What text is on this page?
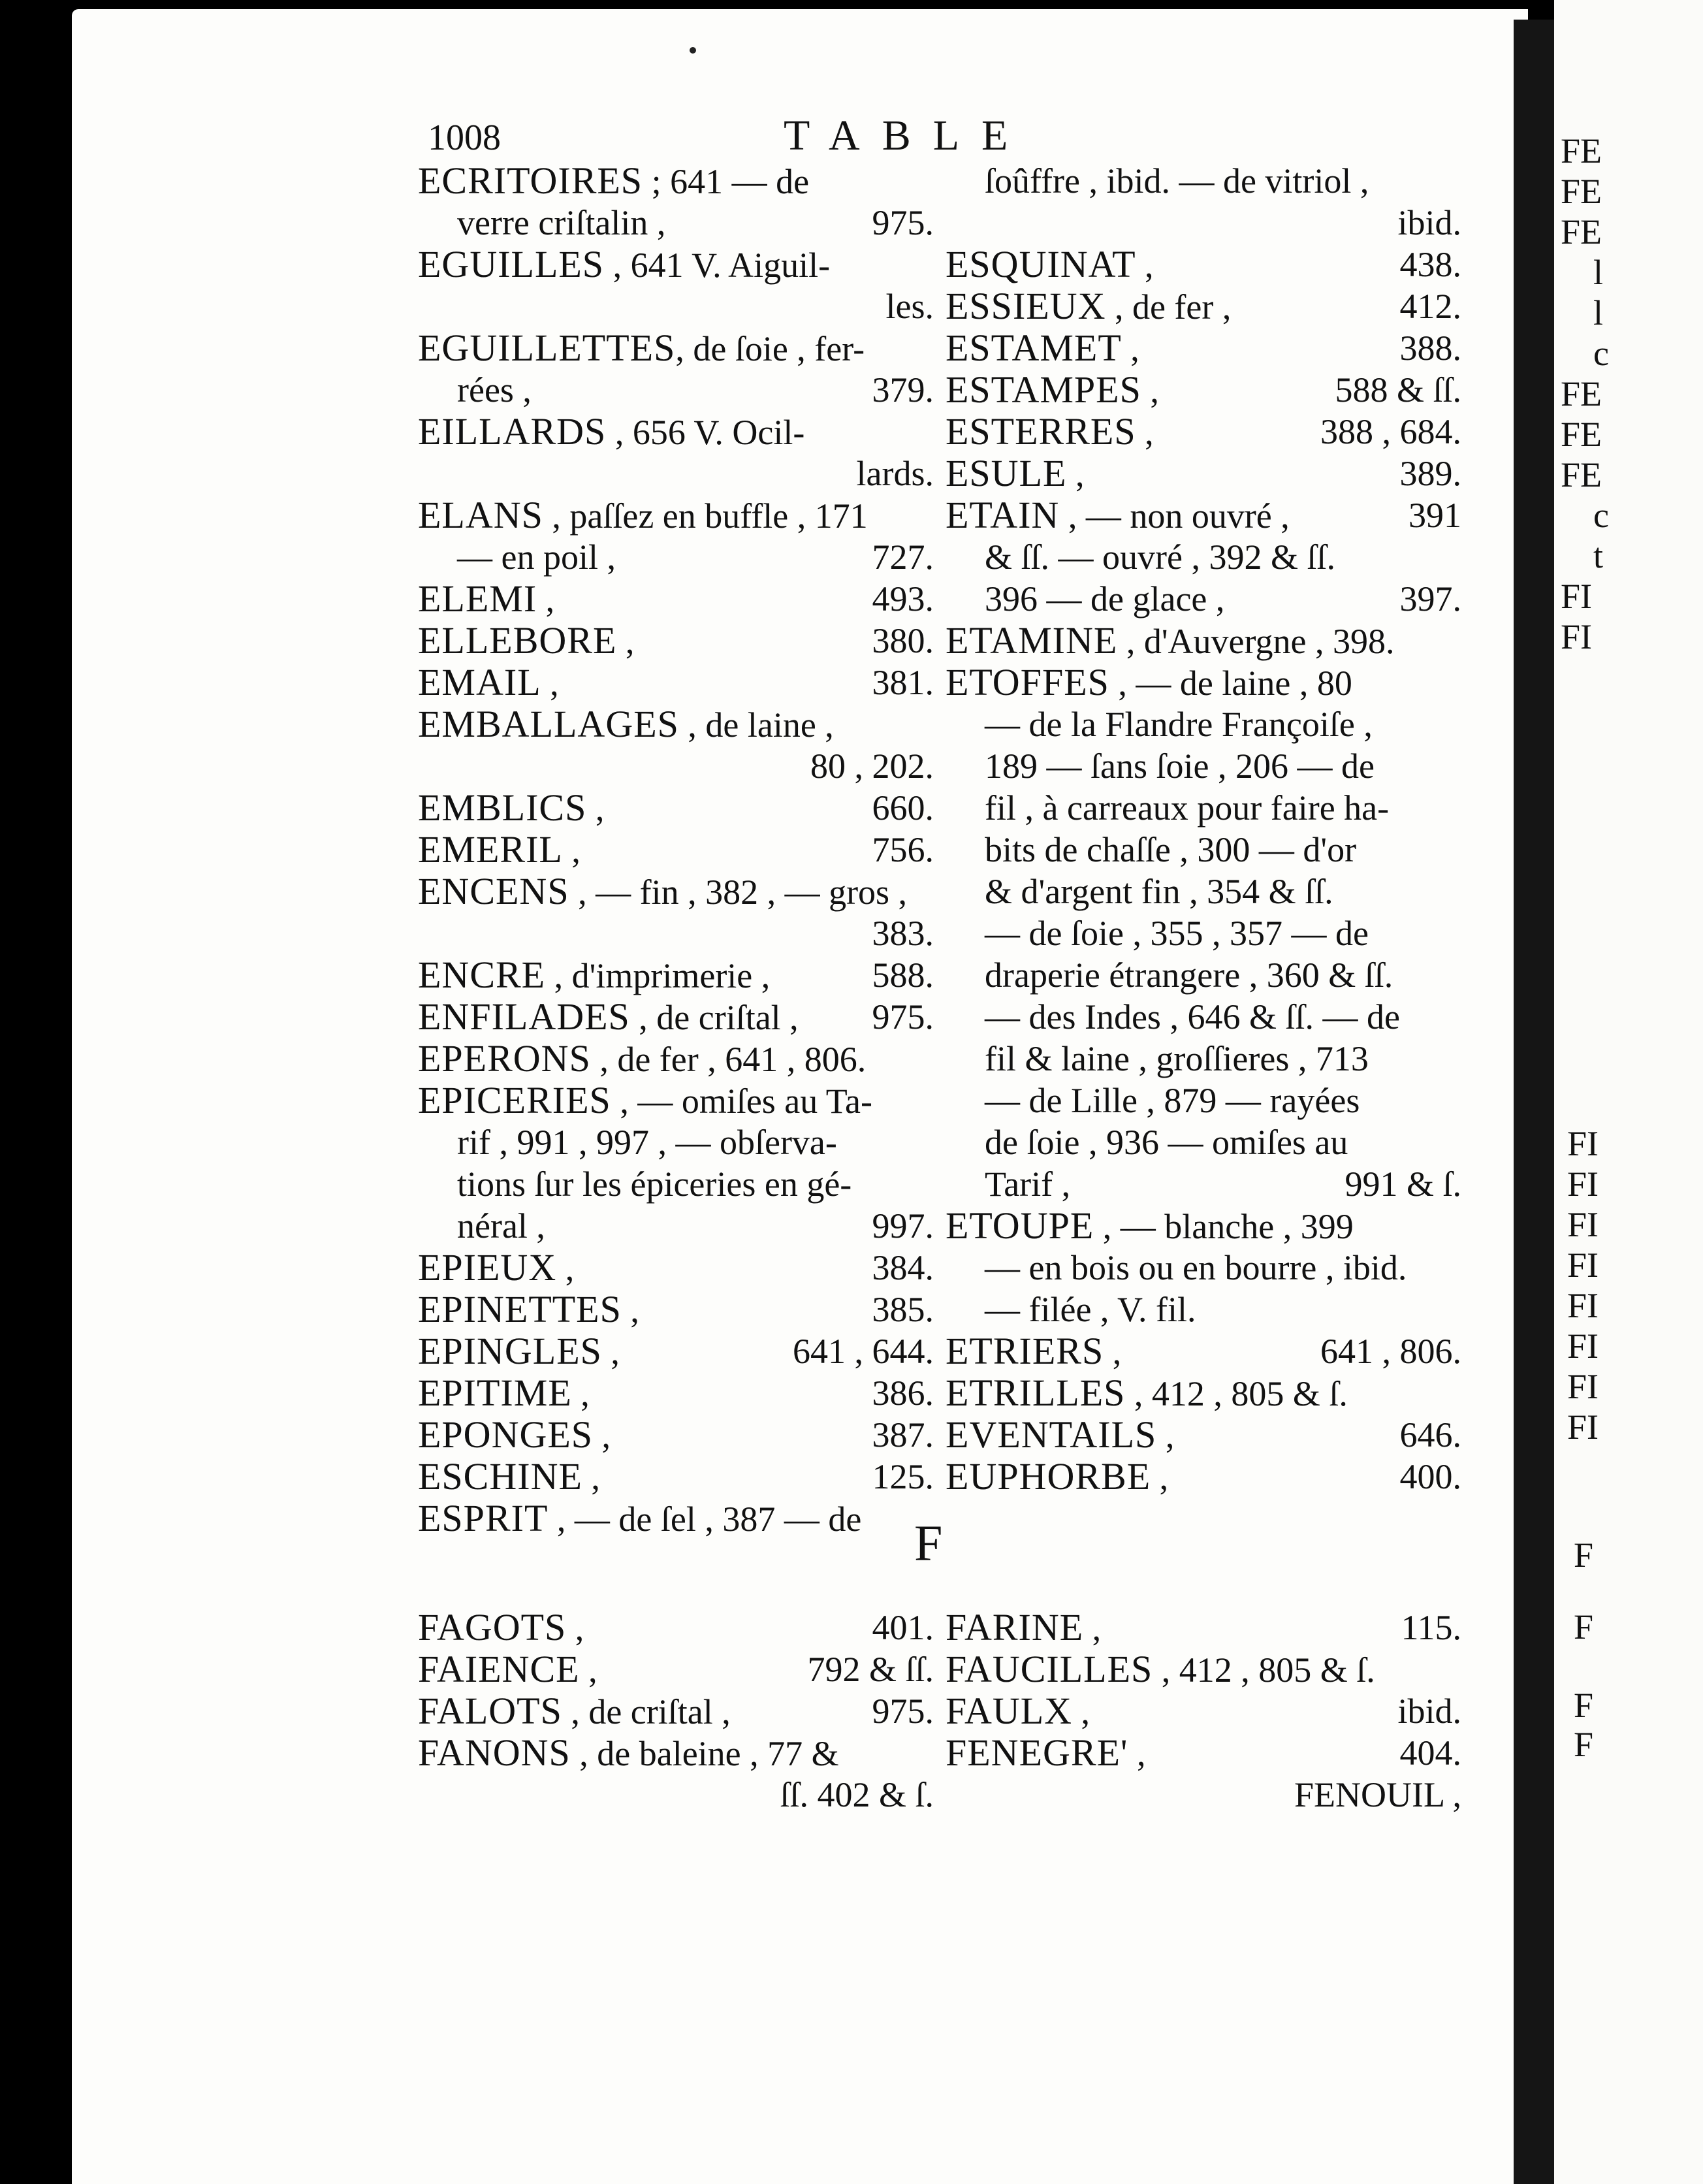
1008	TABLE
ECRITOIRES ; 641 — de
verre criſtalin ,	975.
EGUILLES , 641 V. Aiguil-
les.
EGUILLETTES, de ſoie , fer-
rées ,	379.
EILLARDS , 656 V. Ocil-
lards.
ELANS , paſſez en buffle , 171
— en poil ,	727.
ELEMI ,	493.
ELLEBORE ,	380.
EMAIL ,	381.
EMBALLAGES , de laine ,
80 , 202.
EMBLICS ,	660.
EMERIL ,	756.
ENCENS , — fin , 382 , — gros ,
383.
ENCRE , d'imprimerie ,	588.
ENFILADES , de criſtal , 975.
EPERONS , de fer , 641 , 806.
EPICERIES , — omiſes au Ta-
rif , 991 , 997 , — obſerva-
tions ſur les épiceries en gé-
néral ,	997.
EPIEUX ,	384.
EPINETTES ,	385.
EPINGLES ,	641 , 644.
EPITIME ,	386.
EPONGES ,	387.
ESCHINE ,	125.
ESPRIT , — de ſel , 387 — de
ſoûffre , ibid. — de vitriol ,
ibid.
ESQUINAT ,	438.
ESSIEUX , de fer ,	412.
ESTAMET ,	388.
ESTAMPES ,	588 & ſſ.
ESTERRES ,	388 , 684.
ESULE ,	389.
ETAIN , — non ouvré ,	391
& ſſ. — ouvré , 392 & ſſ.
396 — de glace ,	397.
ETAMINE , d'Auvergne , 398.
ETOFFES , — de laine , 80
— de la Flandre Françoiſe ,
189 — ſans ſoie , 206 — de
fil , à carreaux pour faire ha-
bits de chaſſe , 300 — d'or
& d'argent fin , 354 & ſſ.
— de ſoie , 355 , 357 — de
draperie étrangere , 360 & ſſ.
— des Indes , 646 & ſſ. — de
fil & laine , groſſieres , 713
— de Lille , 879 — rayées
de ſoie , 936 — omiſes au
Tarif ,	991 & ſ.
ETOUPE , — blanche , 399
— en bois ou en bourre , ibid.
— filée , V. fil.
ETRIERS ,	641 , 806.
ETRILLES , 412 , 805 & ſ.
EVENTAILS ,	646.
EUPHORBE ,	400.
F
FAGOTS ,	401.
FAIENCE ,	792 & ſſ.
FALOTS , de criſtal ,	975.
FANONS , de baleine , 77 &
ſſ. 402 & ſ.
FARINE ,	115.
FAUCILLES , 412 , 805 & ſ.
FAULX ,	ibid.
FENEGRE' ,	404.
FENOUIL ,
FE
FE
FE
l
l
c
FE
FE
FE
c
t
FI
FI
FI
FI
FI
FI
FI
FI
FI
FI
F
F
F
F
